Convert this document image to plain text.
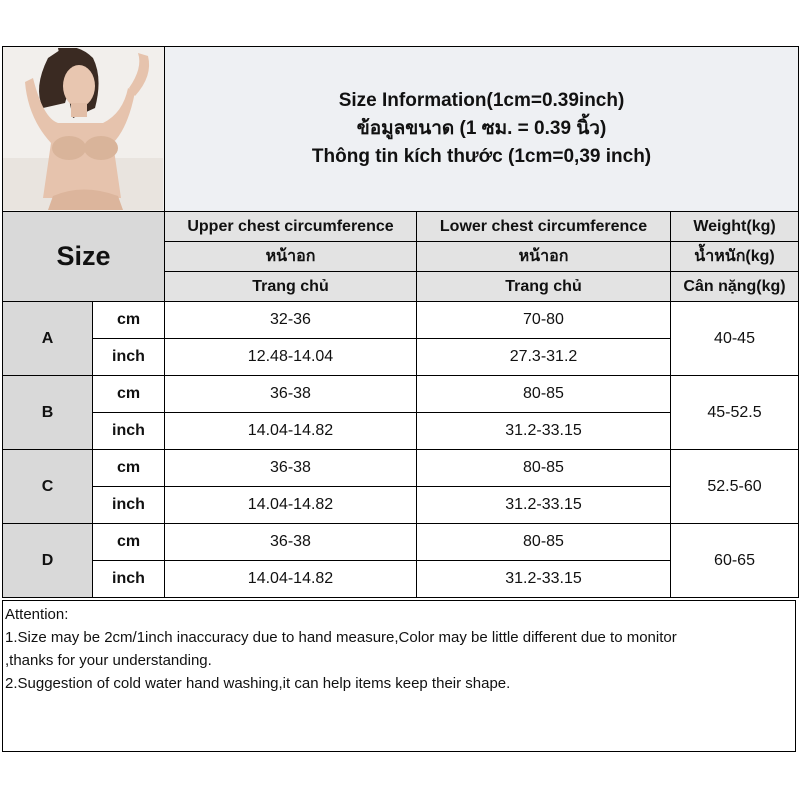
Size Information(1cm=0.39inch)
ข้อมูลขนาด (1 ซม. = 0.39 นิ้ว)
Thông tin kích thước (1cm=0,39 inch)		

Size		Upper chest circumference	Lower chest circumference	Weight(kg)
		หน้าอก	หน้าอก	น้ำหนัก(kg)
		Trang chủ	Trang chủ	Cân nặng(kg)
A	cm	32-36	70-80	40-45
	inch	12.48-14.04	27.3-31.2	
B	cm	36-38	80-85	45-52.5
	inch	14.04-14.82	31.2-33.15	
C	cm	36-38	80-85	52.5-60
	inch	14.04-14.82	31.2-33.15	
D	cm	36-38	80-85	60-65
	inch	14.04-14.82	31.2-33.15	
Attention:
1.Size may be 2cm/1inch inaccuracy due to hand measure,Color may be little different due to monitor
,thanks for your understanding.
2.Suggestion of cold water hand washing,it can help items keep their shape.
